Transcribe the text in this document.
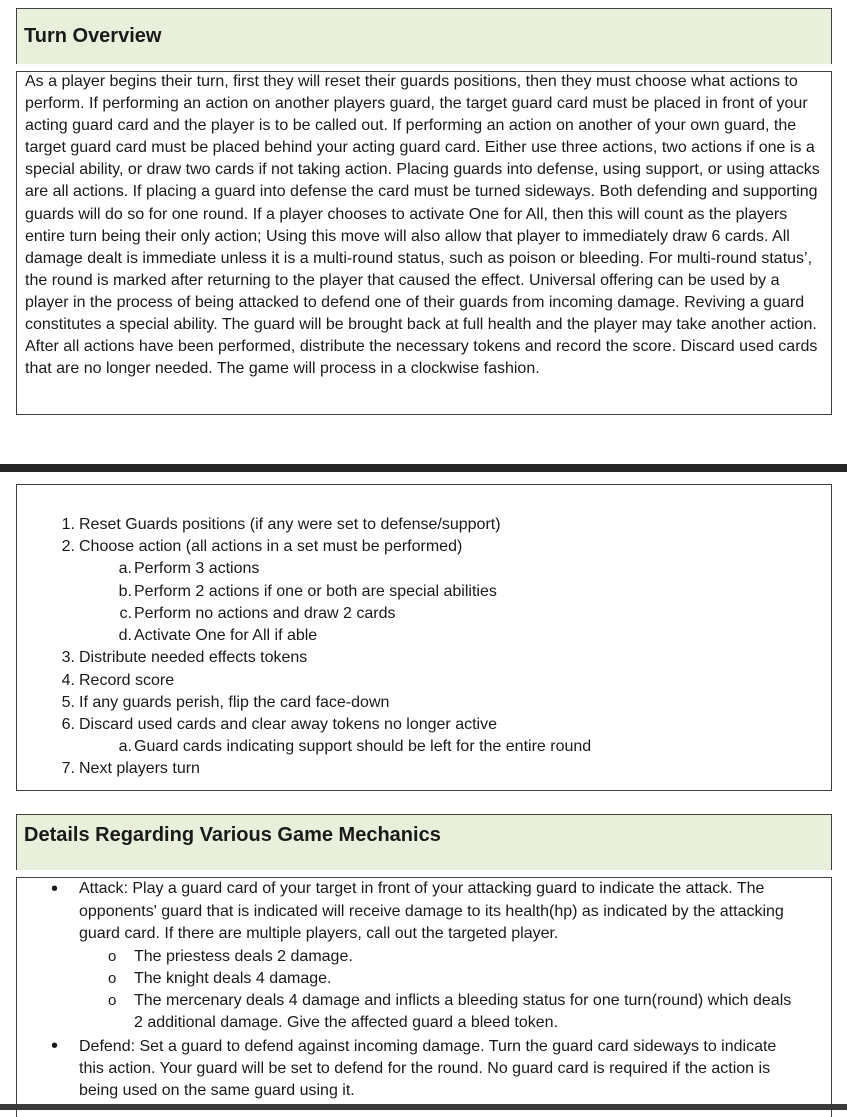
Turn Overview

As a player begins their turn, first they will reset their guards positions, then they must choose what actions to perform. If performing an action on another players guard, the target guard card must be placed in front of your acting guard card and the player is to be called out. If performing an action on another of your own guard, the target guard card must be placed behind your acting guard card. Either use three actions, two actions if one is a special ability, or draw two cards if not taking action. Placing guards into defense, using support, or using attacks are all actions. If placing a guard into defense the card must be turned sideways. Both defending and supporting guards will do so for one round. If a player chooses to activate One for All, then this will count as the players entire turn being their only action; Using this move will also allow that player to immediately draw 6 cards. All damage dealt is immediate unless it is a multi-round status, such as poison or bleeding. For multi-round status’, the round is marked after returning to the player that caused the effect. Universal offering can be used by a player in the process of being attacked to defend one of their guards from incoming damage. Reviving a guard constitutes a special ability. The guard will be brought back at full health and the player may take another action. After all actions have been performed, distribute the necessary tokens and record the score. Discard used cards that are no longer needed. The game will process in a clockwise fashion.

1. Reset Guards positions (if any were set to defense/support)
2. Choose action (all actions in a set must be performed)
a. Perform 3 actions
b. Perform 2 actions if one or both are special abilities
c. Perform no actions and draw 2 cards
d. Activate One for All if able
3. Distribute needed effects tokens
4. Record score
5. If any guards perish, flip the card face-down
6. Discard used cards and clear away tokens no longer active
a. Guard cards indicating support should be left for the entire round
7. Next players turn
Details Regarding Various Game Mechanics
• Attack: Play a guard card of your target in front of your attacking guard to indicate the attack. The
opponents' guard that is indicated will receive damage to its health(hp) as indicated by the attacking
guard card. If there are multiple players, call out the targeted player.
o The priestess deals 2 damage.
o The knight deals 4 damage.
o The mercenary deals 4 damage and inflicts a bleeding status for one turn(round) which deals
2 additional damage. Give the affected guard a bleed token.
• Defend: Set a guard to defend against incoming damage. Turn the guard card sideways to indicate
this action. Your guard will be set to defend for the round. No guard card is required if the action is
being used on the same guard using it.
